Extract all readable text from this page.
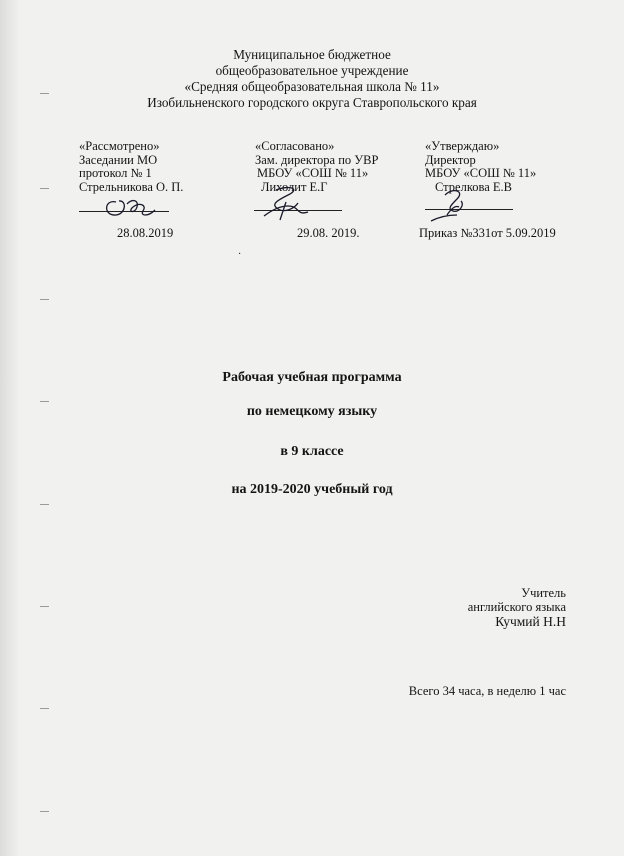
Муниципальное бюджетное
общеобразовательное учреждение
«Средняя общеобразовательная школа № 11»
Изобильненского городского округа Ставропольского края
«Рассмотрено»
Заседании МО
протокол № 1
Стрельникова О. П.
«Согласовано»
Зам. директора по УВР
МБОУ «СОШ № 11»
Лихолит Е.Г
«Утверждаю»
Директор
МБОУ «СОШ № 11»
Стрелкова Е.В
28.08.2019	29.08. 2019.	Приказ №331от 5.09.2019
·
Рабочая учебная программа
по немецкому языку
в 9 классе
на 2019-2020 учебный год
Учитель
английского языка
Кучмий Н.Н
Всего 34 часа, в неделю 1 час
